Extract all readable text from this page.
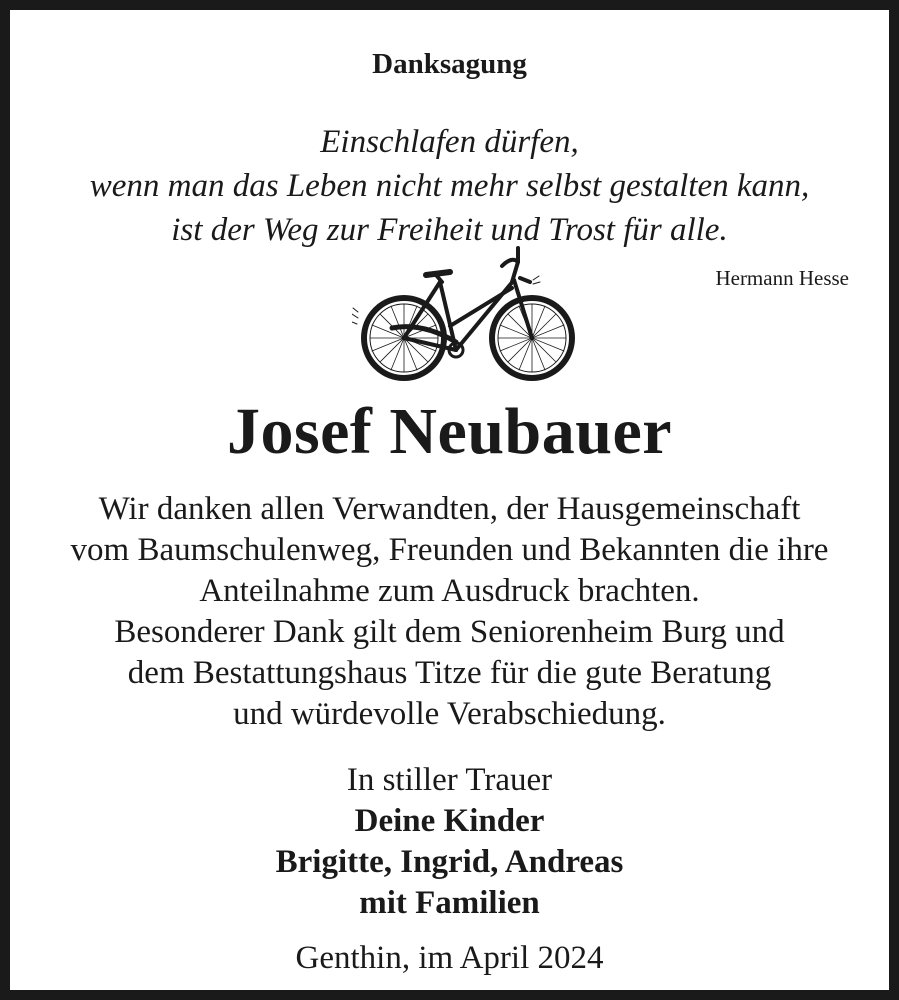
Danksagung
Einschlafen dürfen,
wenn man das Leben nicht mehr selbst gestalten kann,
ist der Weg zur Freiheit und Trost für alle.
Hermann Hesse
Josef Neubauer
Wir danken allen Verwandten, der Hausgemeinschaft
vom Baumschulenweg, Freunden und Bekannten die ihre
Anteilnahme zum Ausdruck brachten.
Besonderer Dank gilt dem Seniorenheim Burg und
dem Bestattungshaus Titze für die gute Beratung
und würdevolle Verabschiedung.
In stiller Trauer
Deine Kinder
Brigitte, Ingrid, Andreas
mit Familien
Genthin, im April 2024
